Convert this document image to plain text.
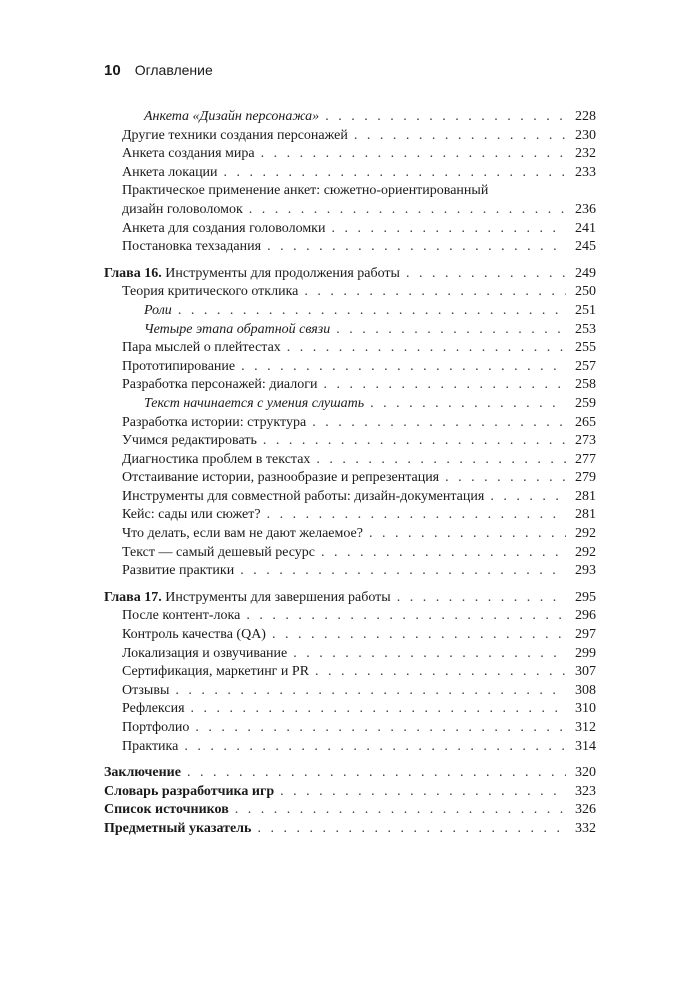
10 Оглавление
Анкета «Дизайн персонажа» . . .	228
Другие техники создания персонажей . . .	230
Анкета создания мира . . .	232
Анкета локации . . .	233
Практическое применение анкет: сюжетно-ориентированный
дизайн головоломок . . .	236
Анкета для создания головоломки . . .	241
Постановка техзадания . . .	245
Глава 16. Инструменты для продолжения работы . . .	249
Теория критического отклика . . .	250
Роли . . .	251
Четыре этапа обратной связи . . .	253
Пара мыслей о плейтестах . . .	255
Прототипирование . . .	257
Разработка персонажей: диалоги . . .	258
Текст начинается с умения слушать . . .	259
Разработка истории: структура . . .	265
Учимся редактировать . . .	273
Диагностика проблем в текстах . . .	277
Отстаивание истории, разнообразие и репрезентация . . .	279
Инструменты для совместной работы: дизайн-документация . . .	281
Кейс: сады или сюжет? . . .	281
Что делать, если вам не дают желаемое? . . .	292
Текст — самый дешевый ресурс . . .	292
Развитие практики . . .	293
Глава 17. Инструменты для завершения работы . . .	295
После контент-лока . . .	296
Контроль качества (QA) . . .	297
Локализация и озвучивание . . .	299
Сертификация, маркетинг и PR . . .	307
Отзывы . . .	308
Рефлексия . . .	310
Портфолио . . .	312
Практика . . .	314
Заключение . . .	320
Словарь разработчика игр . . .	323
Список источников . . .	326
Предметный указатель . . .	332
